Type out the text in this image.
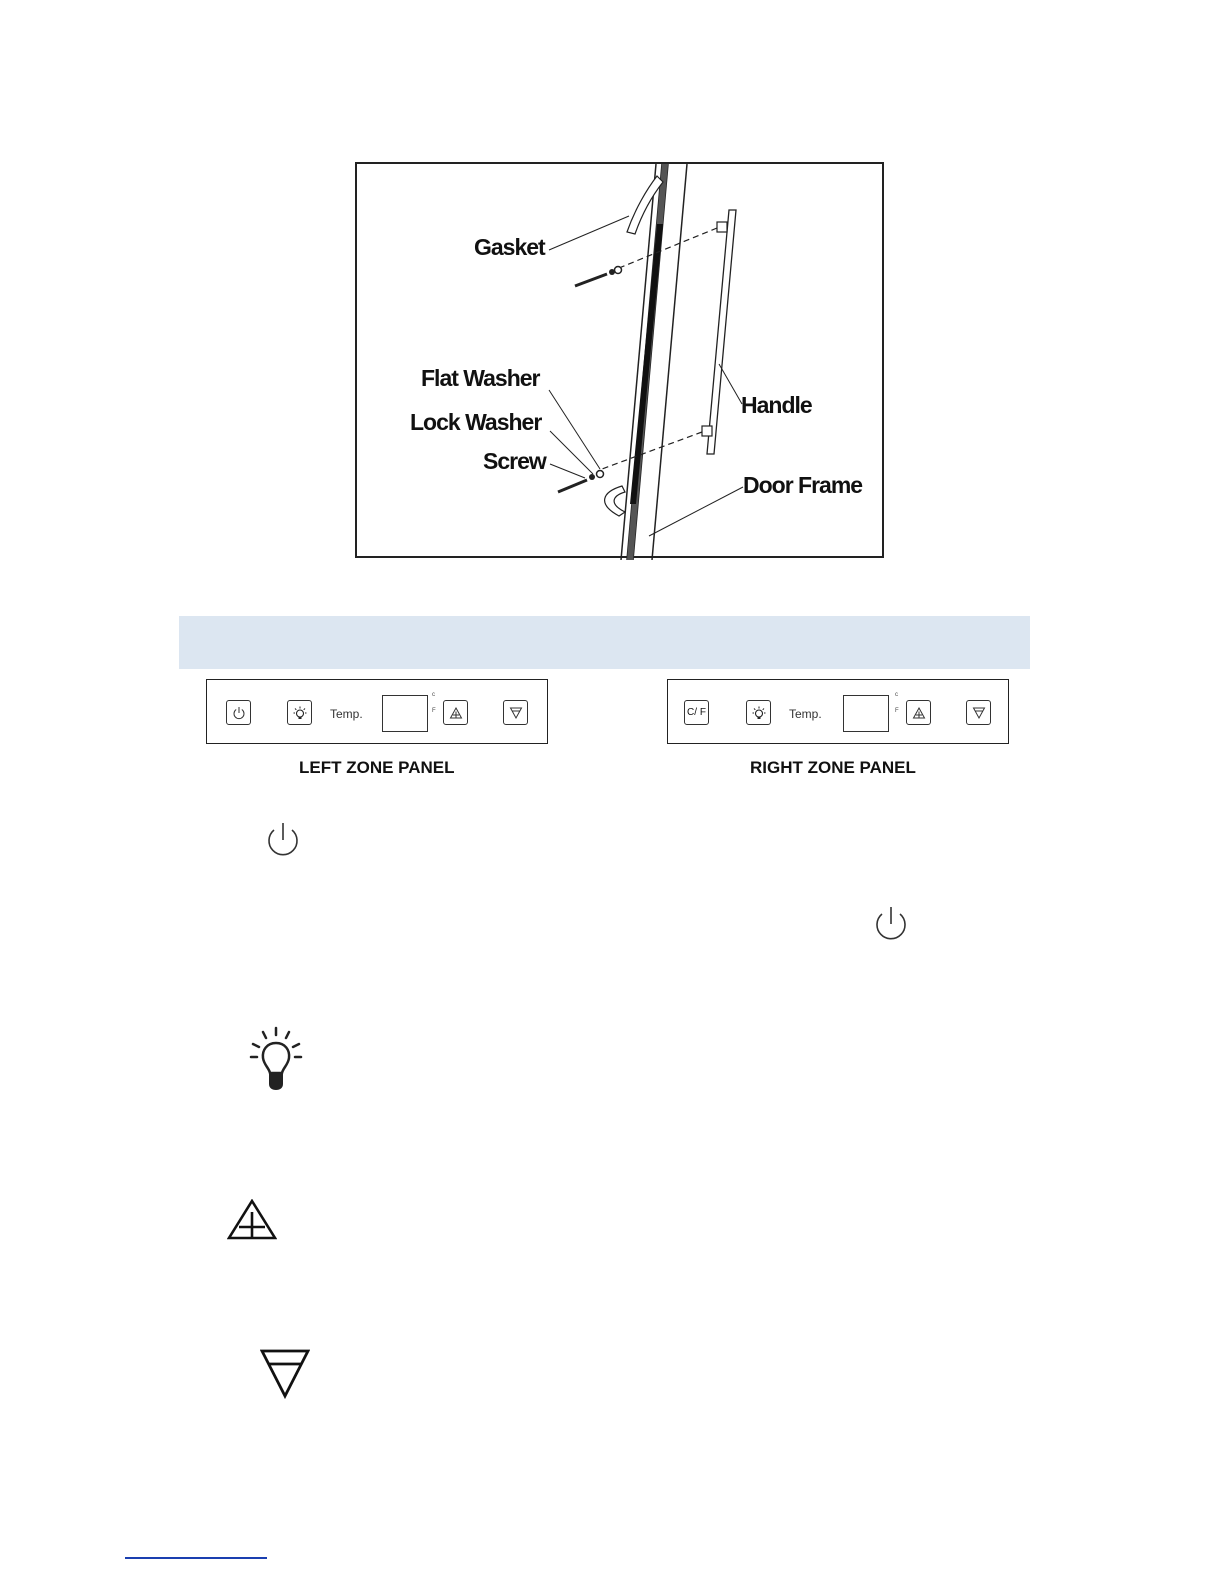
Gasket
Flat Washer
Lock Washer
Screw
Handle
Door Frame
Temp.
c
F
LEFT ZONE PANEL
C/ F	Temp.
c
F
RIGHT ZONE PANEL
